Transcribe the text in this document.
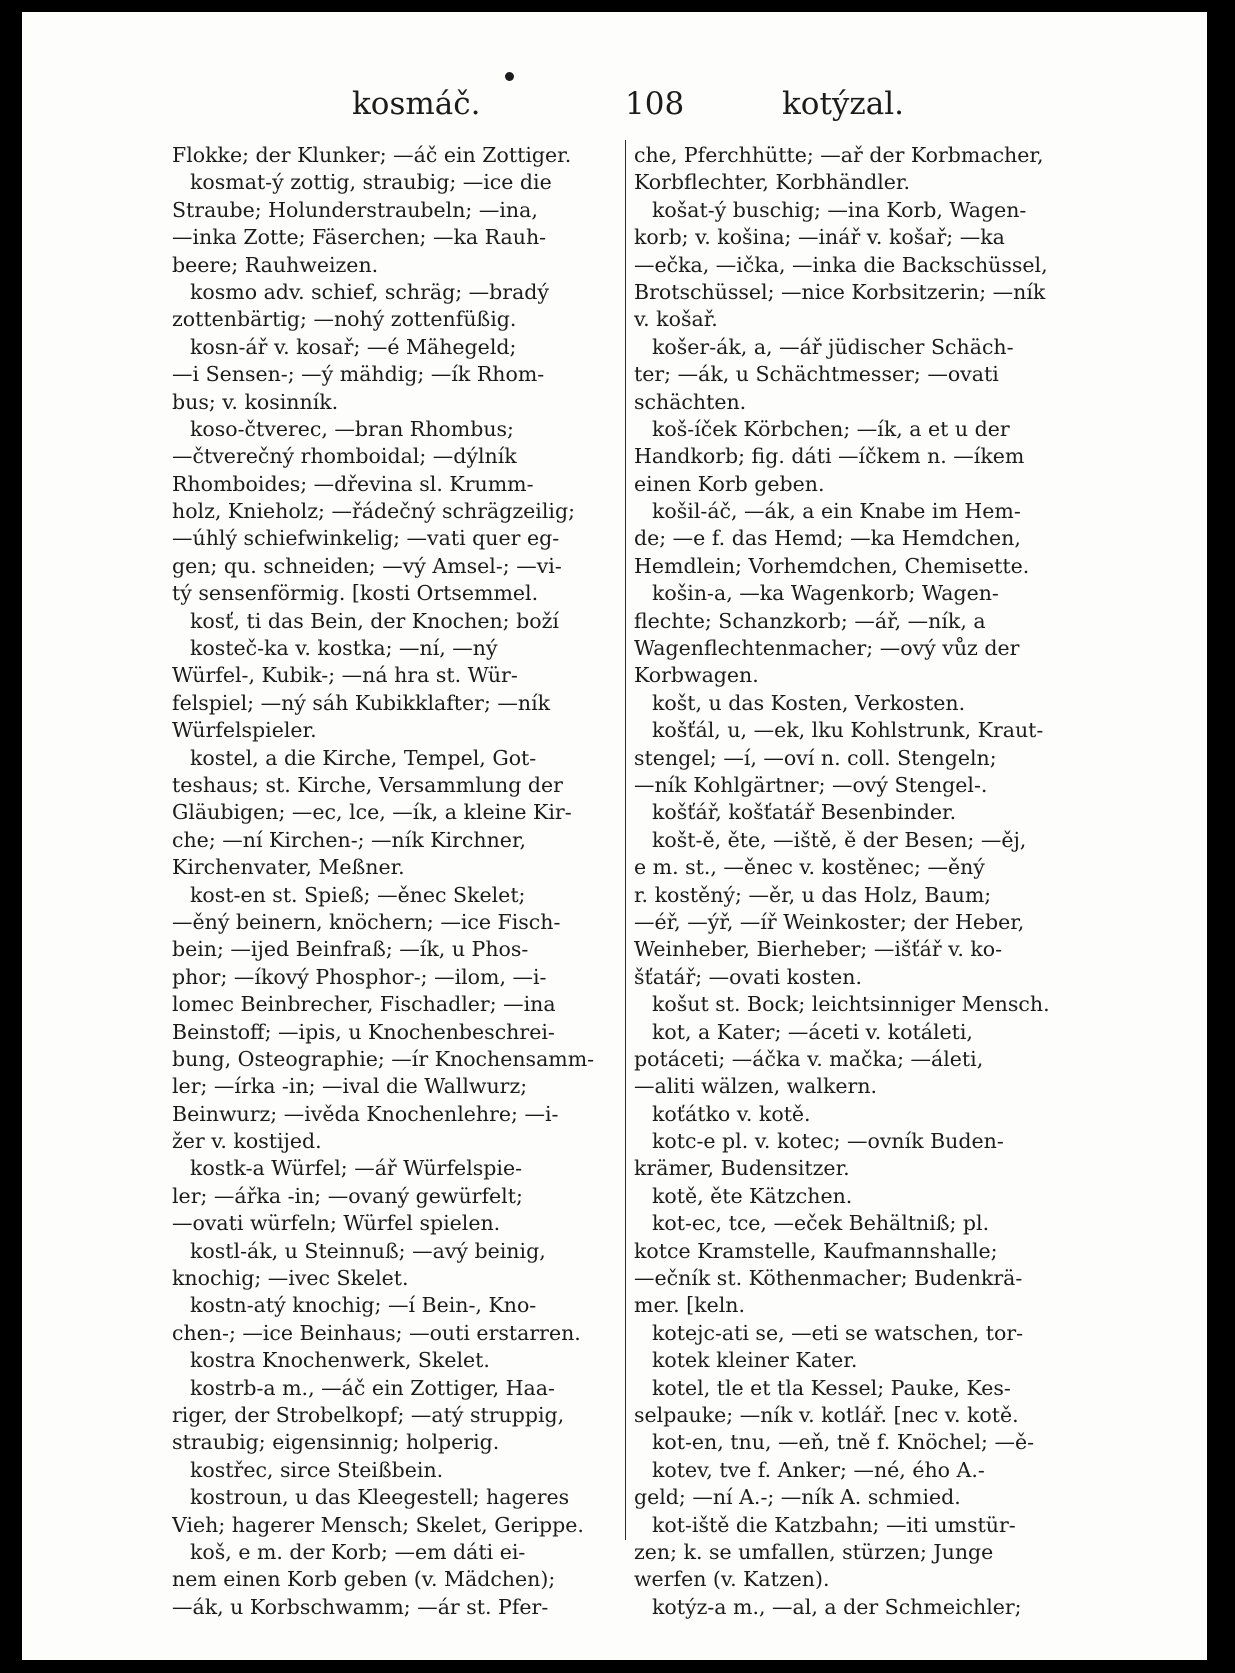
kosmáč.	108	kotýzal.
Flokke; der Klunker; —áč ein Zottiger.
kosmat-ý zottig, straubig; —ice die
Straube; Holunderstraubeln; —ina,
—inka Zotte; Fäserchen; —ka Rauh-
beere; Rauhweizen.
kosmo adv. schief, schräg; —bradý
zottenbärtig; —nohý zottenfüßig.
kosn-ář v. kosař; —é Mähegeld;
—i Sensen-; —ý mähdig; —ík Rhom-
bus; v. kosinník.
koso-čtverec, —bran Rhombus;
—čtverečný rhomboidal; —dýlník
Rhomboides; —dřevina sl. Krumm-
holz, Knieholz; —řádečný schrägzeilig;
—úhlý schiefwinkelig; —vati quer eg-
gen; qu. schneiden; —vý Amsel-; —vi-
tý sensenförmig. [kosti Ortsemmel.
kosť, ti das Bein, der Knochen; boží
kosteč-ka v. kostka; —ní, —ný
Würfel-, Kubik-; —ná hra st. Wür-
felspiel; —ný sáh Kubikklafter; —ník
Würfelspieler.
kostel, a die Kirche, Tempel, Got-
teshaus; st. Kirche, Versammlung der
Gläubigen; —ec, lce, —ík, a kleine Kir-
che; —ní Kirchen-; —ník Kirchner,
Kirchenvater, Meßner.
kost-en st. Spieß; —ěnec Skelet;
—ěný beinern, knöchern; —ice Fisch-
bein; —ijed Beinfraß; —ík, u Phos-
phor; —íkový Phosphor-; —ilom, —i-
lomec Beinbrecher, Fischadler; —ina
Beinstoff; —ipis, u Knochenbeschrei-
bung, Osteographie; —ír Knochensamm-
ler; —írka -in; —ival die Wallwurz;
Beinwurz; —ivěda Knochenlehre; —i-
žer v. kostijed.
kostk-a Würfel; —ář Würfelspie-
ler; —ářka -in; —ovaný gewürfelt;
—ovati würfeln; Würfel spielen.
kostl-ák, u Steinnuß; —avý beinig,
knochig; —ivec Skelet.
kostn-atý knochig; —í Bein-, Kno-
chen-; —ice Beinhaus; —outi erstarren.
kostra Knochenwerk, Skelet.
kostrb-a m., —áč ein Zottiger, Haa-
riger, der Strobelkopf; —atý struppig,
straubig; eigensinnig; holperig.
kostřec, sirce Steißbein.
kostroun, u das Kleegestell; hageres
Vieh; hagerer Mensch; Skelet, Gerippe.
koš, e m. der Korb; —em dáti ei-
nem einen Korb geben (v. Mädchen);
—ák, u Korbschwamm; —ár st. Pfer-
che, Pferchhütte; —ař der Korbmacher,
Korbflechter, Korbhändler.
košat-ý buschig; —ina Korb, Wagen-
korb; v. košina; —inář v. košař; —ka
—ečka, —ička, —inka die Backschüssel,
Brotschüssel; —nice Korbsitzerin; —ník
v. košař.
košer-ák, a, —ář jüdischer Schäch-
ter; —ák, u Schächtmesser; —ovati
schächten.
koš-íček Körbchen; —ík, a et u der
Handkorb; fig. dáti —íčkem n. —íkem
einen Korb geben.
košil-áč, —ák, a ein Knabe im Hem-
de; —e f. das Hemd; —ka Hemdchen,
Hemdlein; Vorhemdchen, Chemisette.
košin-a, —ka Wagenkorb; Wagen-
flechte; Schanzkorb; —ář, —ník, a
Wagenflechtenmacher; —ový vůz der
Korbwagen.
košt, u das Kosten, Verkosten.
košťál, u, —ek, lku Kohlstrunk, Kraut-
stengel; —í, —oví n. coll. Stengeln;
—ník Kohlgärtner; —ový Stengel-.
košťář, košťatář Besenbinder.
košt-ě, ěte, —iště, ě der Besen; —ěj,
e m. st., —ěnec v. kostěnec; —ěný
r. kostěný; —ěr, u das Holz, Baum;
—éř, —ýř, —íř Weinkoster; der Heber,
Weinheber, Bierheber; —išťář v. ko-
šťatář; —ovati kosten.
košut st. Bock; leichtsinniger Mensch.
kot, a Kater; —áceti v. kotáleti,
potáceti; —áčka v. mačka; —áleti,
—aliti wälzen, walkern.
koťátko v. kotě.
kotc-e pl. v. kotec; —ovník Buden-
krämer, Budensitzer.
kotě, ěte Kätzchen.
kot-ec, tce, —eček Behältniß; pl.
kotce Kramstelle, Kaufmannshalle;
—ečník st. Köthenmacher; Budenkrä-
mer. [keln.
kotejc-ati se, —eti se watschen, tor-
kotek kleiner Kater.
kotel, tle et tla Kessel; Pauke, Kes-
selpauke; —ník v. kotlář. [nec v. kotě.
kot-en, tnu, —eň, tně f. Knöchel; —ě-
kotev, tve f. Anker; —né, ého A.-
geld; —ní A.-; —ník A. schmied.
kot-iště die Katzbahn; —iti umstür-
zen; k. se umfallen, stürzen; Junge
werfen (v. Katzen).
kotýz-a m., —al, a der Schmeichler;
